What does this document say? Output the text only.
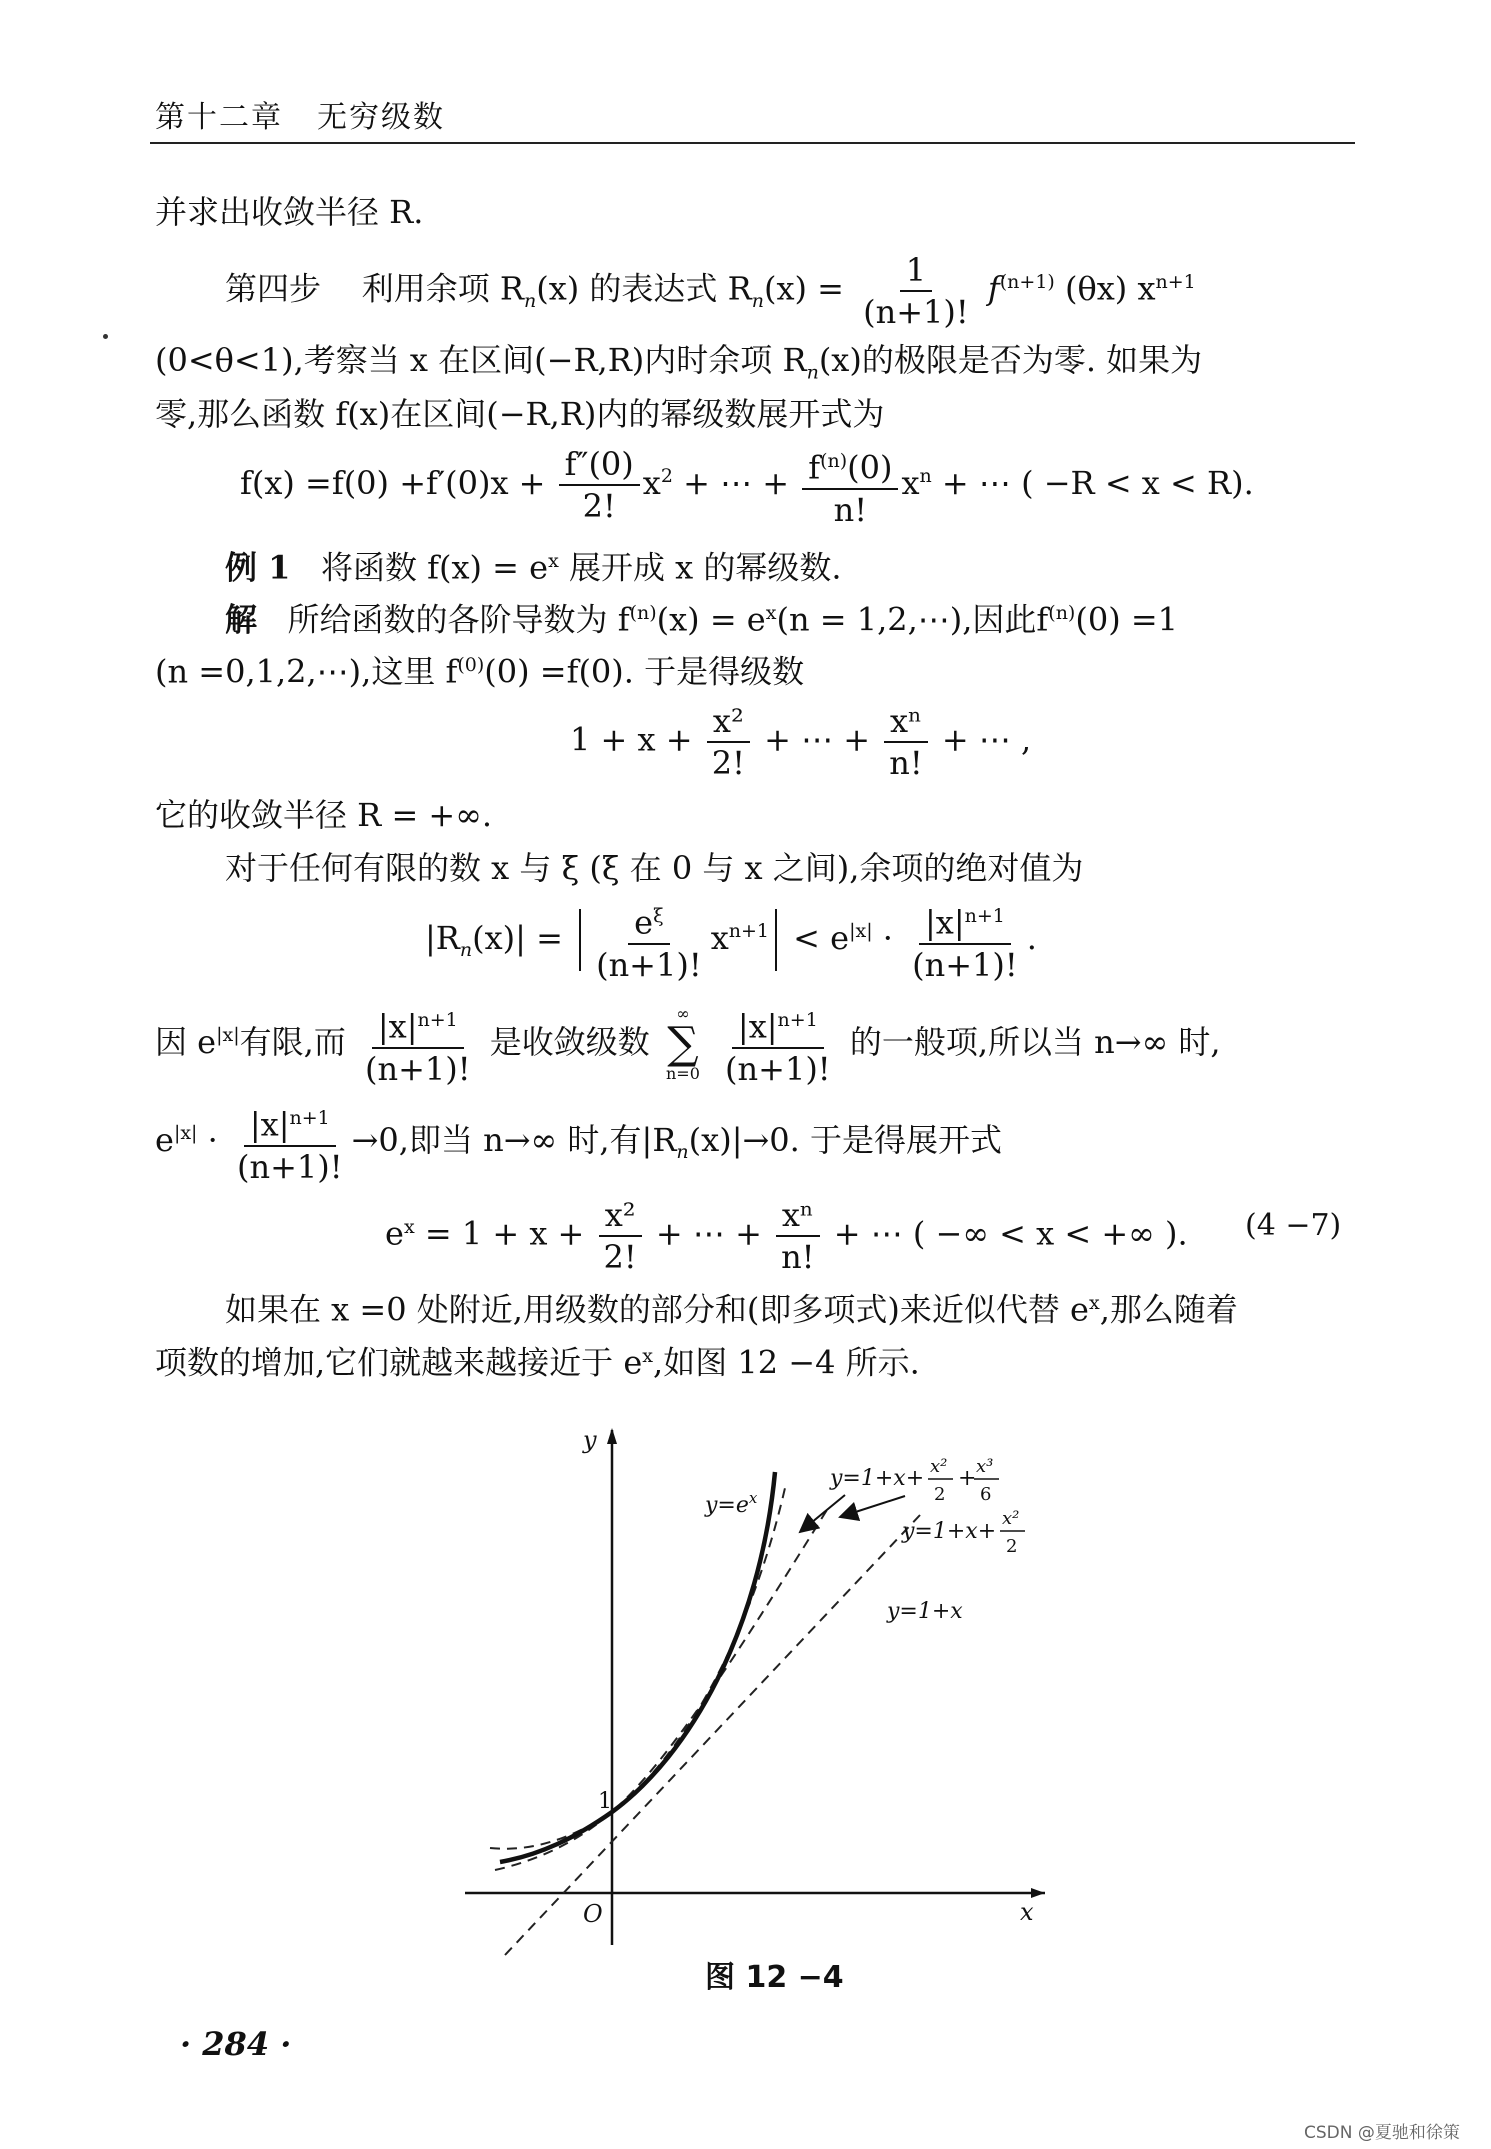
第十二章 无穷级数
并求出收敛半径 R.
第四步 利用余项 $R_n(x)$ 的表达式 $R_n(x) = \frac{1}{(n+1)!} f^{(n+1)}$ (θx) $x^{n+1}$
(0<θ<1),考察当 x 在区间(−R,R)内时余项 $R_n(x)$的极限是否为零. 如果为
零,那么函数 f(x)在区间(−R,R)内的幂级数展开式为
$f(x) =f(0) +f'(0)x + \frac{f''(0)}{2!} x^2$ + ⋯ + $\frac{f^{(n)}(0)}{n!} x^n$ + ⋯ ( −R < x < R).
例 1 将函数 $f(x) = e^x$ 展开成 x 的幂级数.
解 所给函数的各阶导数为 $f^{(n)}(x) = e^x(n$ = 1,2,⋯),因此$f^{(n)}(0) =1$
(n =0,1,2,⋯),这里 $f^{(0)}(0) =f(0)$. 于是得级数
$1 + x + \frac{\text{x²}}{2!}$ + ⋯ + $\frac{\text{xⁿ}}{n!}$ + ⋯ ,
它的收敛半径 R = +∞.
对于任何有限的数 x 与 ξ (ξ 在 0 与 x 之间),余项的绝对值为
$|R_n(x)| = \frac{e^\xi}{(n+1)!} x^{n+1} < e^{|x|} \cdot \frac{|x|^{n+1}}{(n+1)!}$ .
因 $e^{|x|}$有限,而 $\frac{|x|^{n+1}}{(n+1)!}$ 是收敛级数
∞
∑
n=0
$\frac{|x|^{n+1}}{(n+1)!}$ 的一般项,所以当 n→∞ 时,
$e^{|x|} \cdot \frac{|x|^{n+1}}{(n+1)!} \to 0$,即当 n→∞ 时,有$|R_n(x)|\to 0$. 于是得展开式
$e^x = 1 + x + \frac{\text{x²}}{2!}$ + ⋯ + $\frac{\text{xⁿ}}{n!}$ + ⋯ ( −∞ < x < +∞ ). (4 −7)
如果在 x =0 处附近,用级数的部分和(即多项式)来近似代替 $e^x$,那么随着
项数的增加,它们就越来越接近于 $e^x$,如图 12 −4 所示.
y
x
O
1
$y=e^x$
y=1+x
y=1+x+ x²
2
+ x³
6
y=1+x+
x²
2
图 12 −4
· 284 ·
CSDN @夏驰和徐策
